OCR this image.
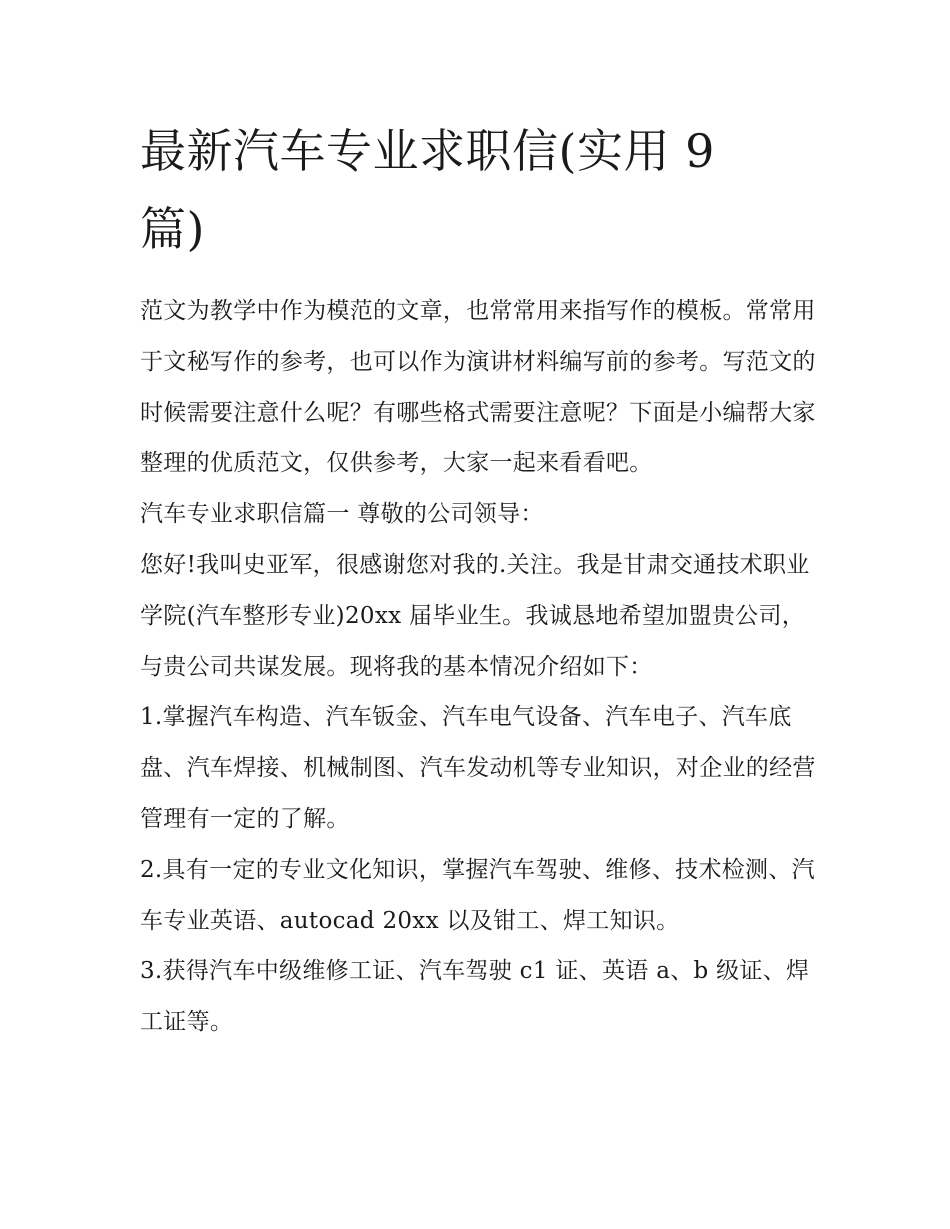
最新汽车专业求职信(实用 9 篇)

范文为教学中作为模范的文章，也常常用来指写作的模板。常常用于文秘写作的参考，也可以作为演讲材料编写前的参考。写范文的时候需要注意什么呢？有哪些格式需要注意呢？下面是小编帮大家整理的优质范文，仅供参考，大家一起来看看吧。

汽车专业求职信篇一 尊敬的公司领导：

您好!我叫史亚军，很感谢您对我的.关注。我是甘肃交通技术职业学院(汽车整形专业)20xx 届毕业生。我诚恳地希望加盟贵公司，与贵公司共谋发展。现将我的基本情况介绍如下：

1.掌握汽车构造、汽车钣金、汽车电气设备、汽车电子、汽车底盘、汽车焊接、机械制图、汽车发动机等专业知识，对企业的经营管理有一定的了解。

2.具有一定的专业文化知识，掌握汽车驾驶、维修、技术检测、汽车专业英语、autocad 20xx 以及钳工、焊工知识。

3.获得汽车中级维修工证、汽车驾驶 c1 证、英语 a、b 级证、焊工证等。
